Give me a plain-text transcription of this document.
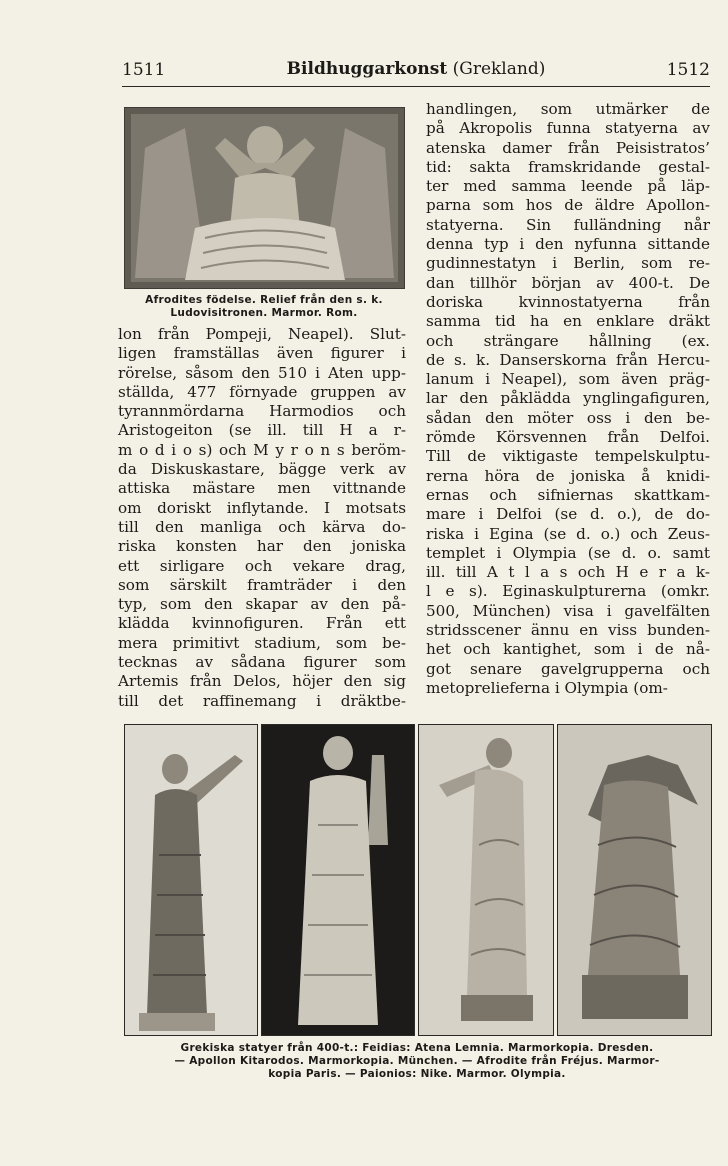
1511	Bildhuggarkonst (Grekland)	1512
Afrodites födelse. Relief från den s. k.
Ludovisitronen. Marmor. Rom.
lon från Pompeji, Neapel). Slut-
ligen framställas även figurer i
rörelse, såsom den 510 i Aten upp-
ställda, 477 förnyade gruppen av
tyrannmördarna Harmodios och
Aristogeiton (se ill. till H a r-
m o d i o s) och M y r o n s beröm-
da Diskuskastare, bägge verk av
attiska mästare men vittnande
om doriskt inflytande. I motsats
till den manliga och kärva do-
riska konsten har den joniska
ett sirligare och vekare drag,
som särskilt framträder i den
typ, som den skapar av den på-
klädda kvinnofiguren. Från ett
mera primitivt stadium, som be-
tecknas av sådana figurer som
Artemis från Delos, höjer den sig
till det raffinemang i dräktbe-
handlingen, som utmärker de
på Akropolis funna statyerna av
atenska damer från Peisistratos’
tid: sakta framskridande gestal-
ter med samma leende på läp-
parna som hos de äldre Apollon-
statyerna. Sin fulländning når
denna typ i den nyfunna sittande
gudinnestatyn i Berlin, som re-
dan tillhör början av 400-t. De
doriska kvinnostatyerna från
samma tid ha en enklare dräkt
och strängare hållning (ex.
de s. k. Danserskorna från Hercu-
lanum i Neapel), som även präg-
lar den påklädda ynglingafiguren,
sådan den möter oss i den be-
römde Körsvennen från Delfoi.
Till de viktigaste tempelskulptu-
rerna höra de joniska å knidi-
ernas och sifniernas skattkam-
mare i Delfoi (se d. o.), de do-
riska i Egina (se d. o.) och Zeus-
templet i Olympia (se d. o. samt
ill. till A t l a s och H e r a k-
l e s). Eginaskulpturerna (omkr.
500, München) visa i gavelfälten
stridsscener ännu en viss bunden-
het och kantighet, som i de nå-
got senare gavelgrupperna och
metoprelieferna i Olympia (om-
Grekiska statyer från 400-t.: Feidias: Atena Lemnia. Marmorkopia. Dresden.
— Apollon Kitarodos. Marmorkopia. München. — Afrodite från Fréjus. Marmor-
kopia Paris. — Paionios: Nike. Marmor. Olympia.
